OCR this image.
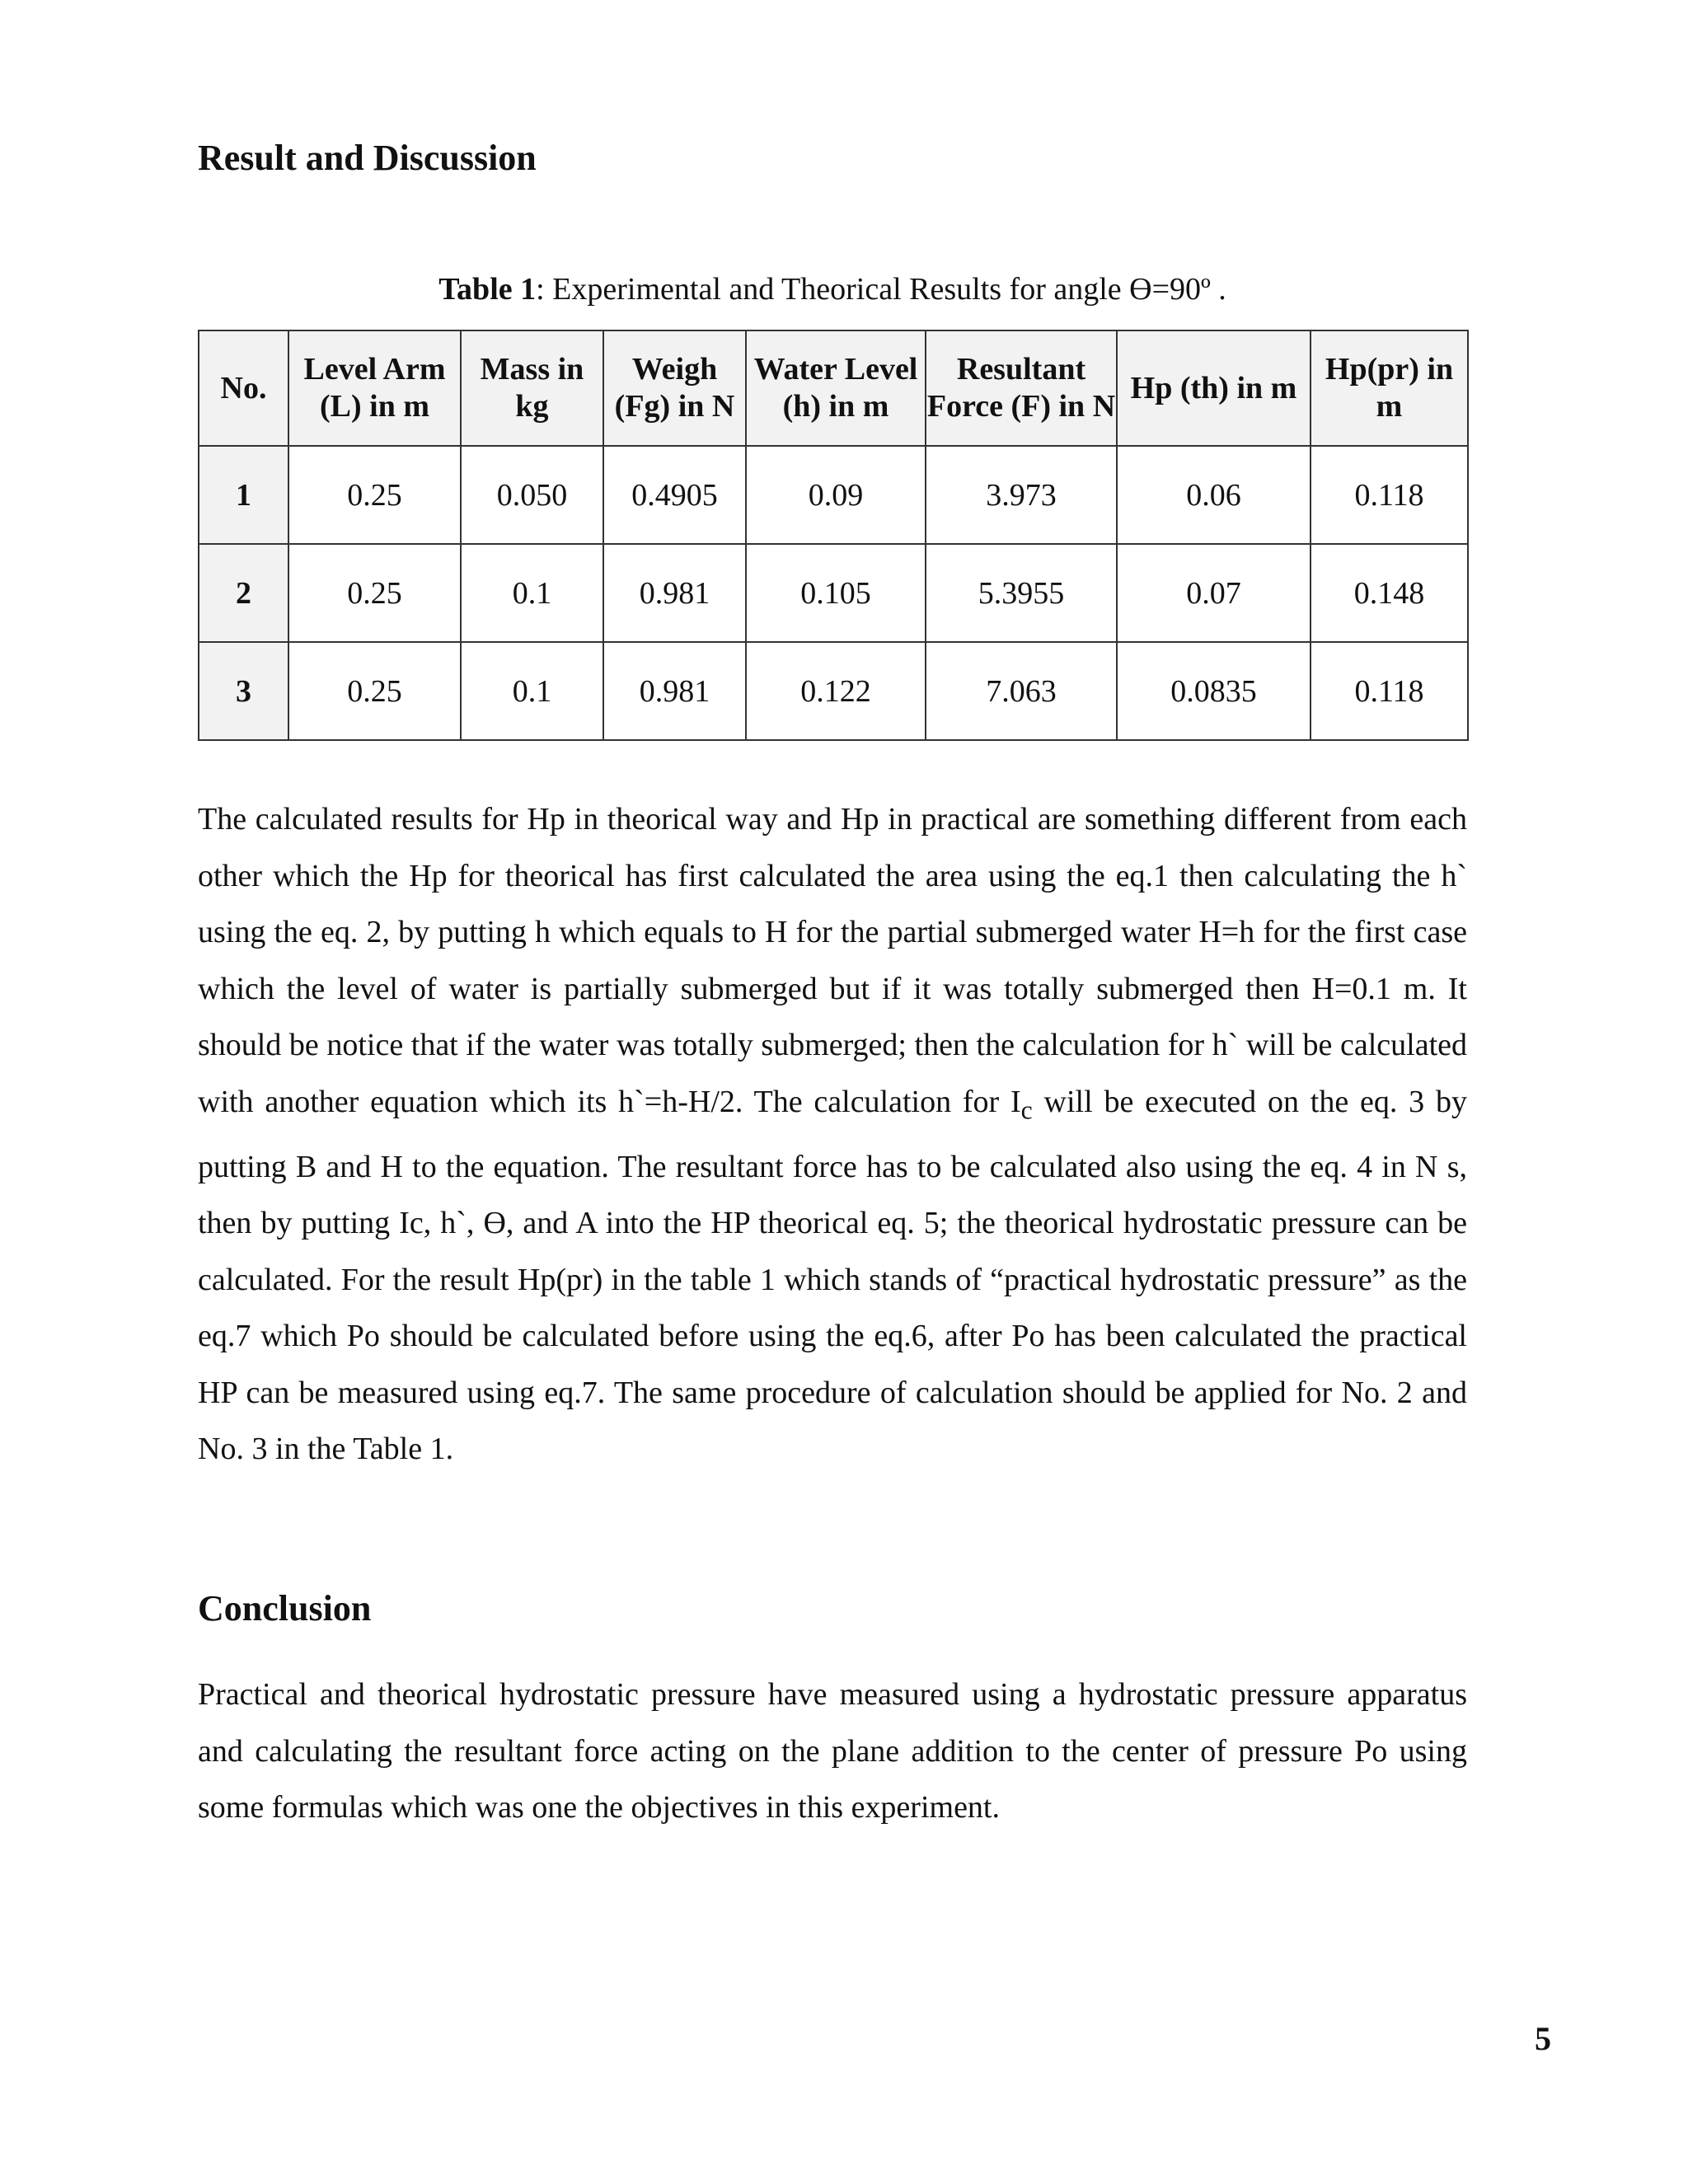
Result and Discussion
Table 1: Experimental and Theorical Results for angle ϴ=90º .
No.	Level Arm (L) in m	Mass in kg	Weigh (Fg) in N	Water Level (h) in m	Resultant Force (F) in N	Hp (th) in m	Hp(pr) in m
1	0.25	0.050	0.4905	0.09	3.973	0.06	0.118
2	0.25	0.1	0.981	0.105	5.3955	0.07	0.148
3	0.25	0.1	0.981	0.122	7.063	0.0835	0.118

The calculated results for Hp in theorical way and Hp in practical are something different from each other which the Hp for theorical has first calculated the area using the eq.1 then calculating the h` using the eq. 2, by putting h which equals to H for the partial submerged water H=h for the first case which the level of water is partially submerged but if it was totally submerged then H=0.1 m. It should be notice that if the water was totally submerged; then the calculation for h` will be calculated with another equation which its h`=h-H/2. The calculation for $I_c$ will be executed on the eq. 3 by putting B and H to the equation. The resultant force has to be calculated also using the eq. 4 in N s, then by putting Ic, h`, ϴ, and A into the HP theorical eq. 5; the theorical hydrostatic pressure can be calculated. For the result Hp(pr) in the table 1 which stands of “practical hydrostatic pressure” as the eq.7 which Po should be calculated before using the eq.6, after Po has been calculated the practical HP can be measured using eq.7. The same procedure of calculation should be applied for No. 2 and No. 3 in the Table 1.

Conclusion

Practical and theorical hydrostatic pressure have measured using a hydrostatic pressure apparatus and calculating the resultant force acting on the plane addition to the center of pressure Po using some formulas which was one the objectives in this experiment.

5
